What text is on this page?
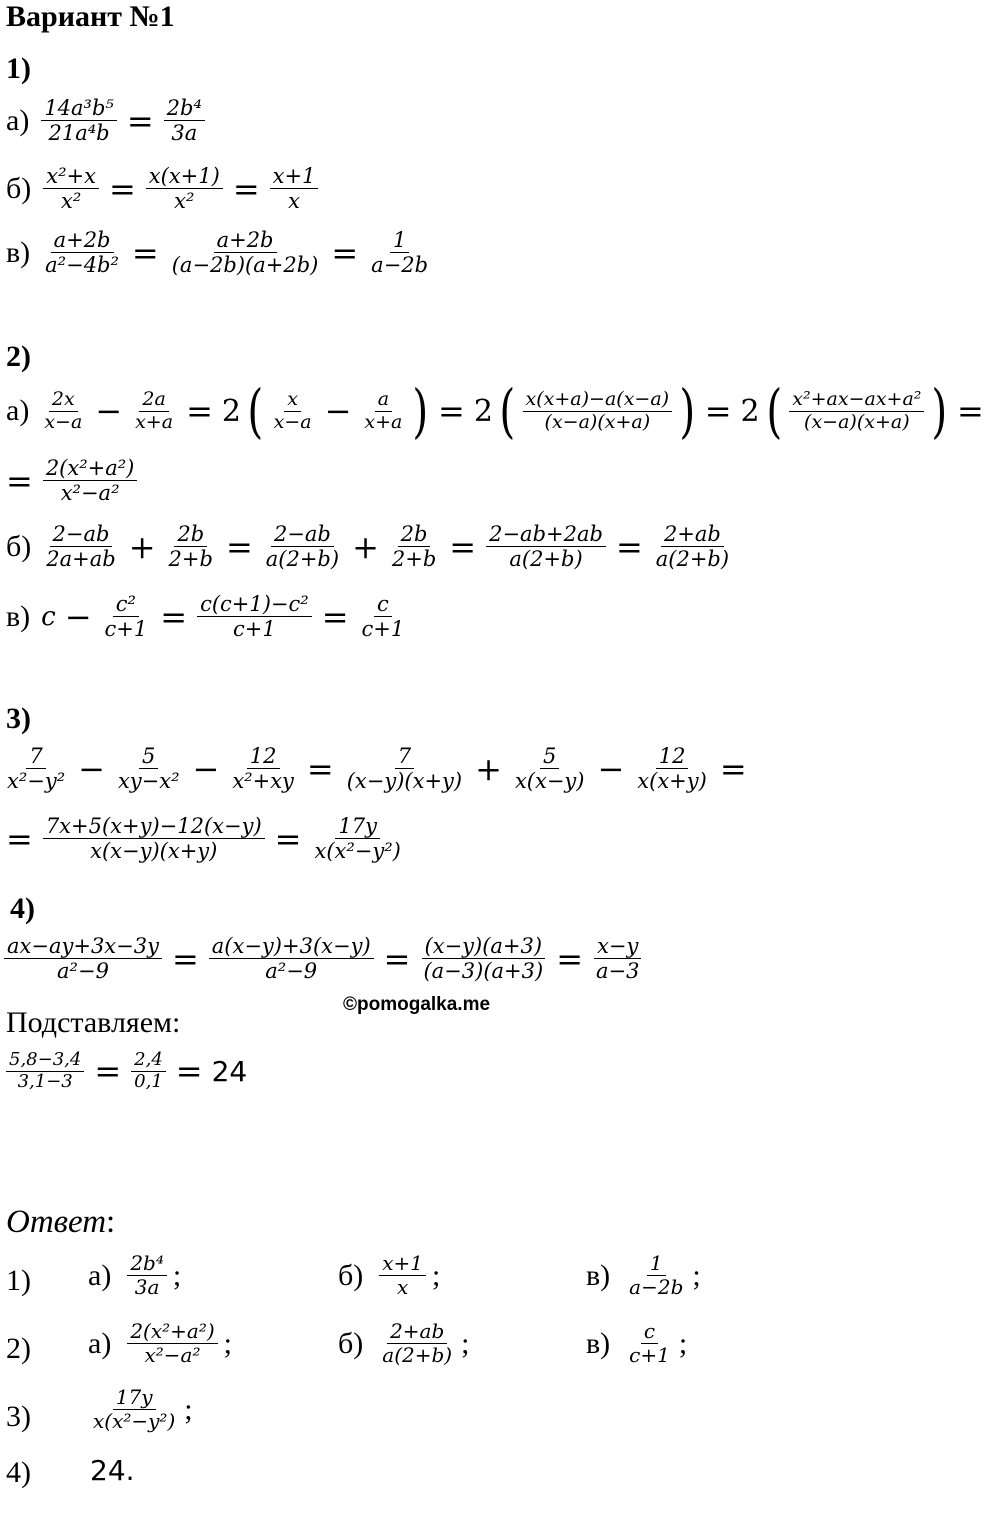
Вариант №1
1)
$а) \frac{\text{14a³b⁵}}{\text{21a⁴b}} = \frac{\text{2b⁴}}{3a}$
$б) \frac{\text{x²+x}}{\text{x²}} = \frac{x(x+1)}{\text{x²}} = \frac{x+1}{x}$
$в) \frac{a+2b}{\text{a²−4b²}} = \frac{a+2b}{(a-2b)(a+2b)} = \frac{1}{a-2b}$
2)
$а) \frac{2x}{x-a} - \frac{2a}{x+a} = 2$ ( $\frac{x}{x-a} - \frac{a}{x+a}$ ) = 2 ( $\frac{x(x+a)-a(x-a)}{(x-a)(x+a)}$ ) = 2 ( $\frac{\text{x²+ax−ax+a²}}{(x-a)(x+a)}$ ) =
= $\frac{\text{2(x²+a²)}}{\text{x²−a²}}$
$б) \frac{2-ab}{2a+ab} + \frac{2b}{2+b} = \frac{2-ab}{a(2+b)} + \frac{2b}{2+b} = \frac{2-ab+2ab}{a(2+b)} = \frac{2+ab}{a(2+b)}$
в) $c - \frac{\text{c²}}{c+1} = \frac{\text{c(c+1)−c²}}{c+1} = \frac{c}{c+1}$
3)
$\frac{7}{\text{x²−y²}} - \frac{5}{\text{xy−x²}} - \frac{12}{\text{x²+xy}} = \frac{7}{(x-y)(x+y)} + \frac{5}{x(x-y)} - \frac{12}{x(x+y)}$ =
= $\frac{7x+5(x+y)-12(x-y)}{x(x-y)(x+y)} = \frac{17y}{\text{x(x²−y²)}}$
4)
$\frac{ax-ay+3x-3y}{\text{a²−9}} = \frac{a(x-y)+3(x-y)}{\text{a²−9}} = \frac{(x-y)(a+3)}{(a-3)(a+3)} = \frac{x-y}{a-3}$
©pomogalka.me
Подставляем:
$\frac{5,8-3,4}{3,1-3} = \frac{2,4}{0,1} = 24$
Ответ:
1) $а) \frac{\text{2b⁴}}{3a}$ ;	$б) \frac{x+1}{x}$ ;	$в) \frac{1}{a-2b}$ ;
2) $а) \frac{\text{2(x²+a²)}}{\text{x²−a²}}$ ;	$б) \frac{2+ab}{a(2+b)}$ ;	$в) \frac{c}{c+1}$ ;
3)	$\frac{17y}{\text{x(x²−y²)}}$ ;
4) 24.
